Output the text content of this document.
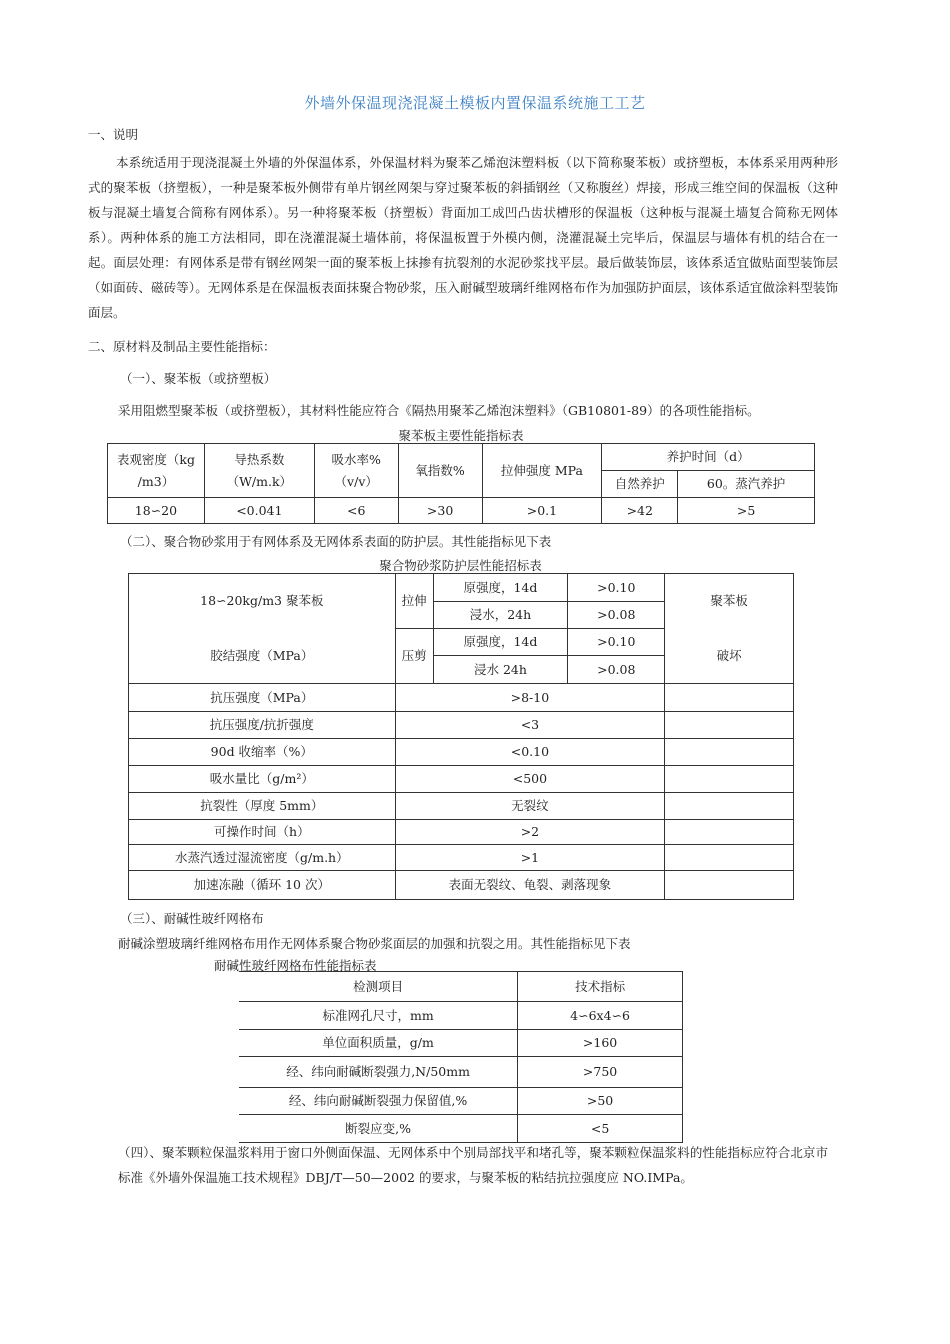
外墙外保温现浇混凝土模板内置保温系统施工工艺
一、说明
本系统适用于现浇混凝土外墙的外保温体系，外保温材料为聚苯乙烯泡沫塑料板（以下简称聚苯板）或挤塑板，本体系采用两种形式的聚苯板（挤塑板），一种是聚苯板外侧带有单片钢丝网架与穿过聚苯板的斜插钢丝（又称腹丝）焊接，形成三维空间的保温板（这种板与混凝土墙复合简称有网体系）。另一种将聚苯板（挤塑板）背面加工成凹凸齿状槽形的保温板（这种板与混凝土墙复合简称无网体系）。两种体系的施工方法相同，即在浇灌混凝土墙体前，将保温板置于外模内侧，浇灌混凝土完毕后，保温层与墙体有机的结合在一起。面层处理：有网体系是带有钢丝网架一面的聚苯板上抹掺有抗裂剂的水泥砂浆找平层。最后做装饰层，该体系适宜做贴面型装饰层（如面砖、磁砖等）。无网体系是在保温板表面抹聚合物砂浆，压入耐碱型玻璃纤维网格布作为加强防护面层，该体系适宜做涂料型装饰面层。
二、原材料及制品主要性能指标：
（一）、聚苯板（或挤塑板）
采用阻燃型聚苯板（或挤塑板），其材料性能应符合《隔热用聚苯乙烯泡沫塑料》（GB10801-89）的各项性能指标。
聚苯板主要性能指标表
表观密度（kg
/m3）	导热系数
（W/m.k）	吸水率%
（v/v）	氧指数%	拉伸强度 MPa	养护时间（d）	
					自然养护	60。蒸汽养护
18∽20	<0.041	<6	>30	>0.1	>42	>5
（二）、聚合物砂浆用于有网体系及无网体系表面的防护层。其性能指标见下表
聚合物砂浆防护层性能招标表
18∽20kg/m3 聚苯板	拉伸	原强度，14d	>0.10	聚苯板
		浸水，24h	>0.08	
胶结强度（MPa）	压剪	原强度，14d	>0.10	破坏
		浸水 24h	>0.08	
抗压强度（MPa）	>8-10			
抗压强度/抗折强度	<3			
90d 收缩率（%）	<0.10			
吸水量比（g/m²）	<500			
抗裂性（厚度 5mm）	无裂纹			
可操作时间（h）	>2			
水蒸汽透过湿流密度（g/m.h）	>1			
加速冻融（循环 10 次）	表面无裂纹、龟裂、剥落现象			
（三）、耐碱性玻纤网格布
耐碱涂塑玻璃纤维网格布用作无网体系聚合物砂浆面层的加强和抗裂之用。其性能指标见下表
耐碱性玻纤网格布性能指标表
检测项目	技术指标
标准网孔尺寸，mm	4∽6x4∽6
单位面积质量，g/m	>160
经、纬向耐碱断裂强力,N/50mm	>750
经、纬向耐碱断裂强力保留值,%	>50
断裂应变,%	<5
（四）、聚苯颗粒保温浆料用于窗口外侧面保温、无网体系中个别局部找平和堵孔等，聚苯颗粒保温浆料的性能指标应符合北京市标准《外墙外保温施工技术规程》DBJ/T—50—2002 的要求，与聚苯板的粘结抗拉强度应 NO.IMPa。
